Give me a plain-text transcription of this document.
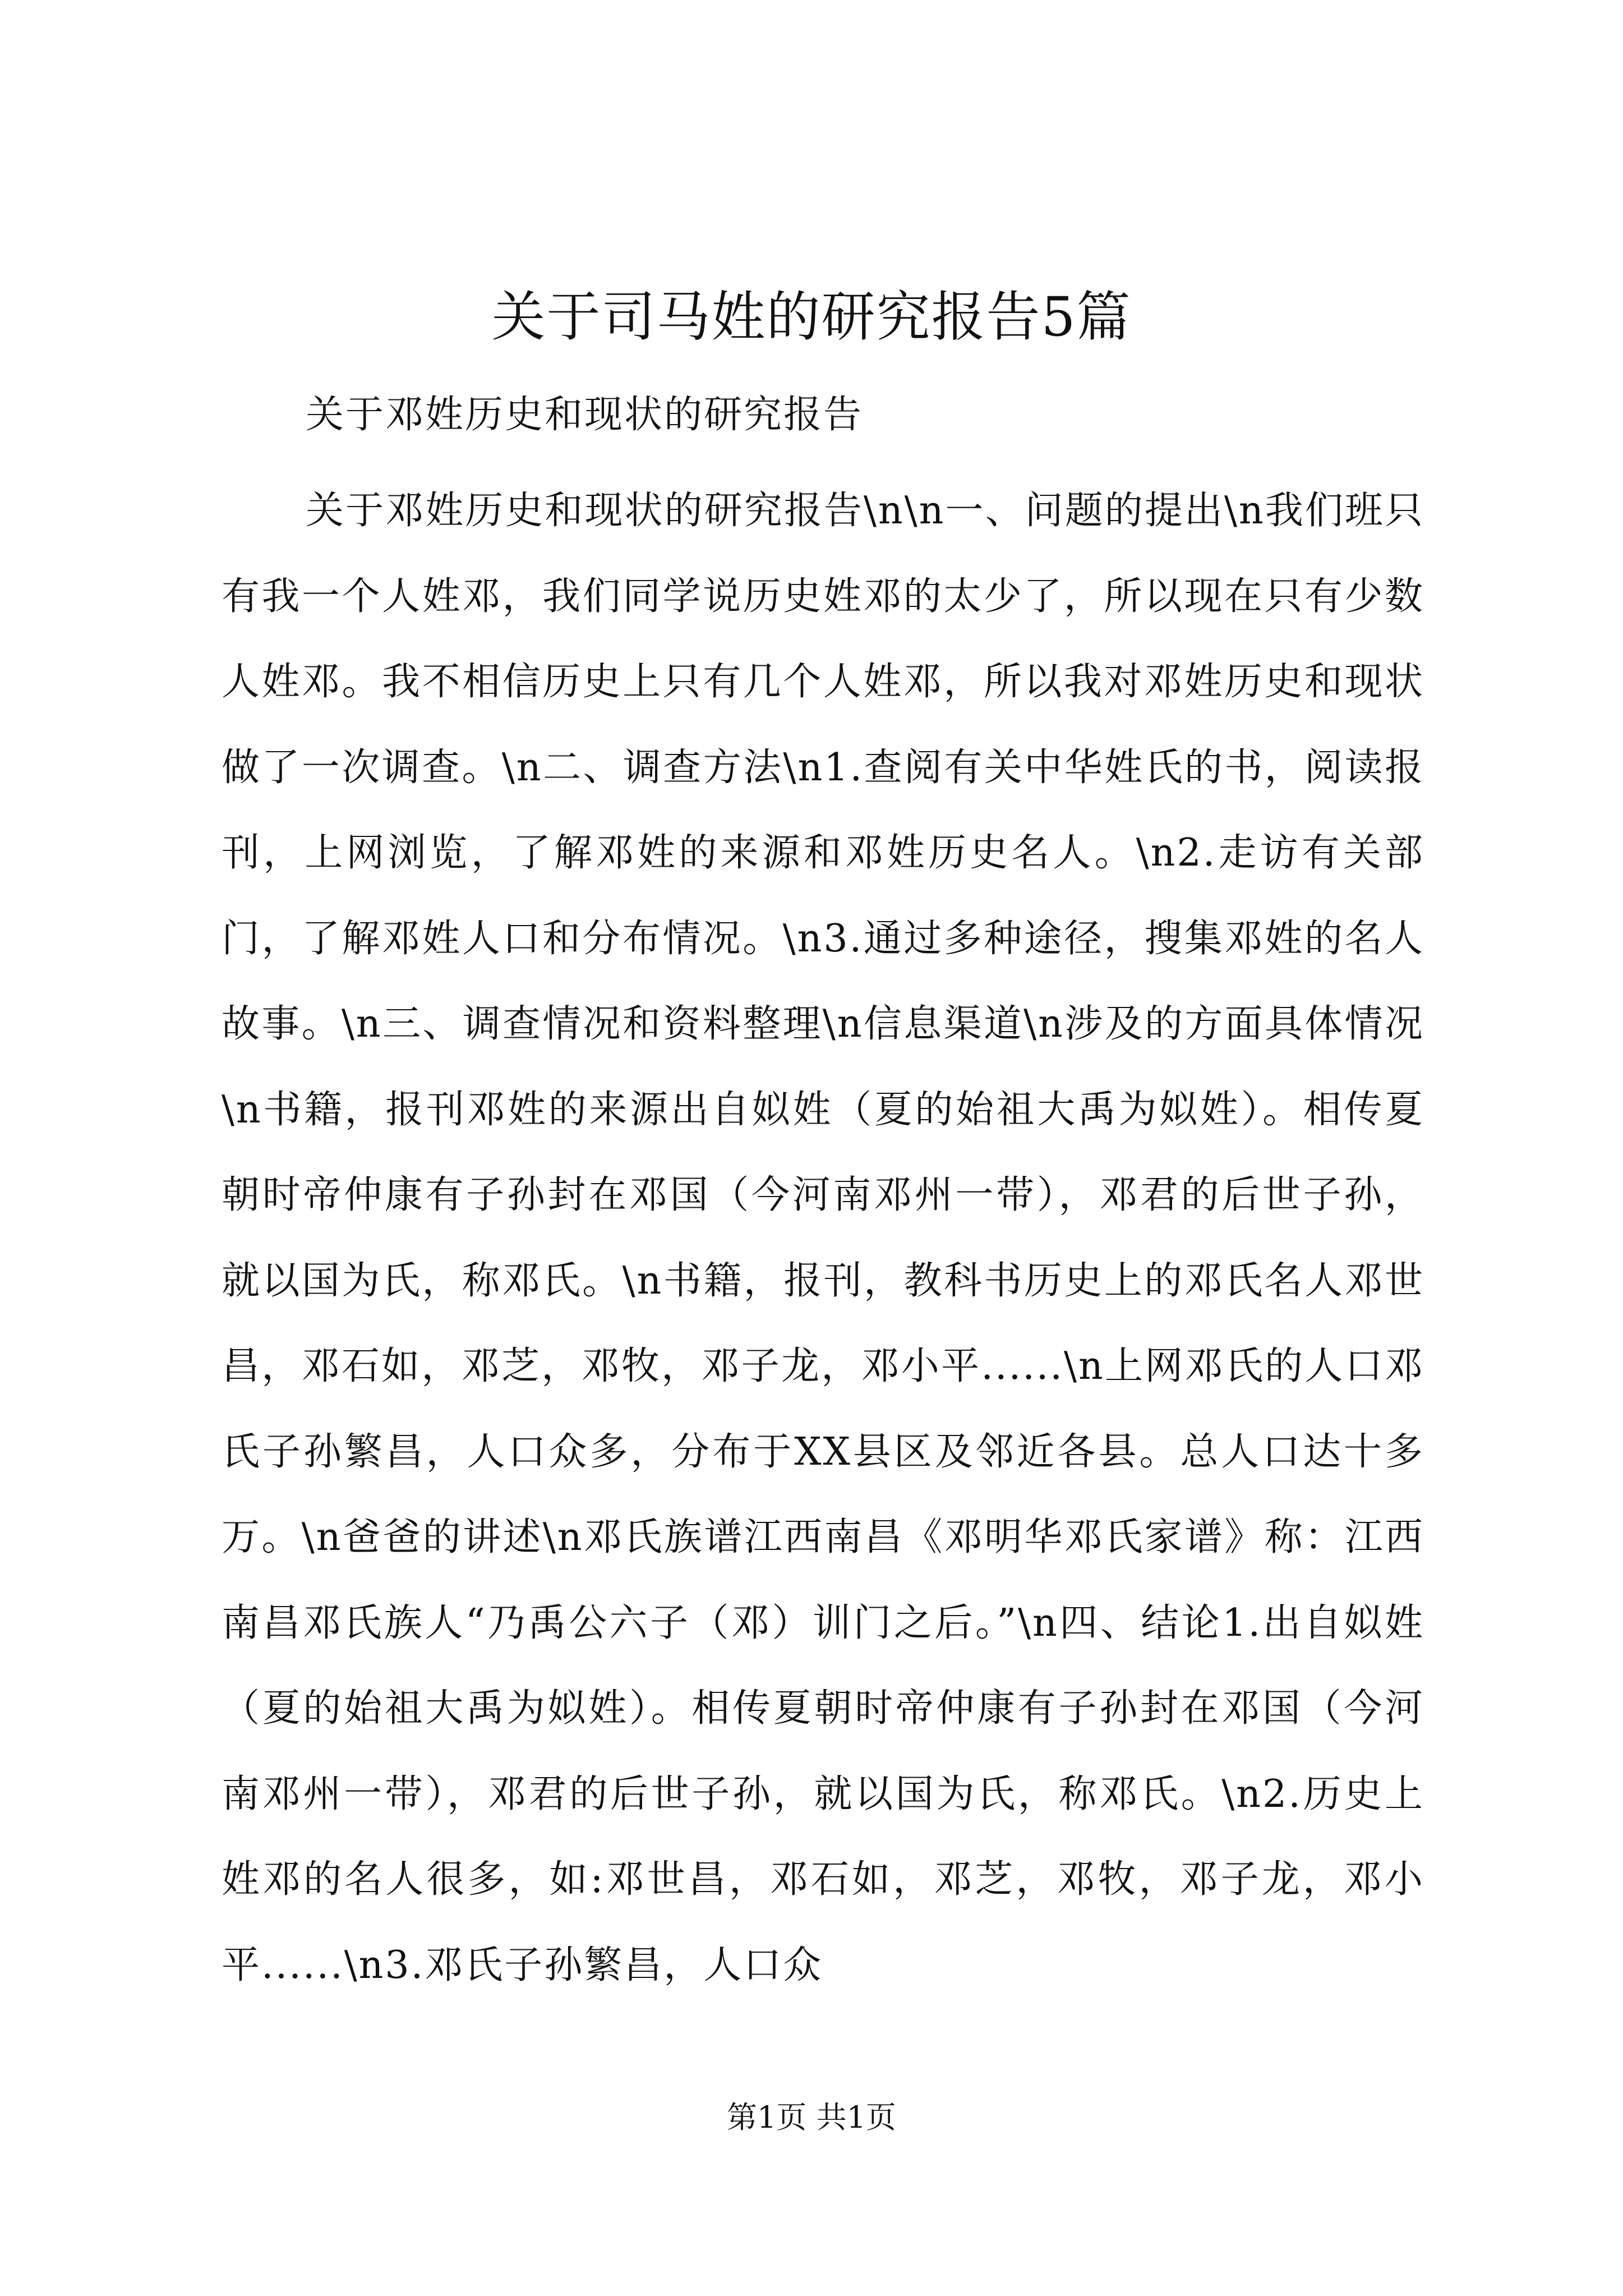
关于司马姓的研究报告5篇

关于邓姓历史和现状的研究报告

关于邓姓历史和现状的研究报告\n\n一、问题的提出\n我们班只有我一个人姓邓，我们同学说历史姓邓的太少了，所以现在只有少数人姓邓。我不相信历史上只有几个人姓邓，所以我对邓姓历史和现状做了一次调查。\n二、调查方法\n1.查阅有关中华姓氏的书，阅读报刊，上网浏览，了解邓姓的来源和邓姓历史名人。\n2.走访有关部门，了解邓姓人口和分布情况。\n3.通过多种途径，搜集邓姓的名人故事。\n三、调查情况和资料整理\n信息渠道\n涉及的方面具体情况\n书籍，报刊邓姓的来源出自姒姓（夏的始祖大禹为姒姓）。相传夏朝时帝仲康有子孙封在邓国（今河南邓州一带），邓君的后世子孙，就以国为氏，称邓氏。\n书籍，报刊，教科书历史上的邓氏名人邓世昌，邓石如，邓芝，邓牧，邓子龙，邓小平......\n上网邓氏的人口邓氏子孙繁昌，人口众多，分布于XX县区及邻近各县。总人口达十多万。\n爸爸的讲述\n邓氏族谱江西南昌《邓明华邓氏家谱》称：江西南昌邓氏族人“乃禹公六子（邓）训门之后。”\n四、结论1.出自姒姓（夏的始祖大禹为姒姓）。相传夏朝时帝仲康有子孙封在邓国（今河南邓州一带），邓君的后世子孙，就以国为氏，称邓氏。\n2.历史上姓邓的名人很多，如:邓世昌，邓石如，邓芝，邓牧，邓子龙，邓小平......\n3.邓氏子孙繁昌，人口众

第1页 共1页
